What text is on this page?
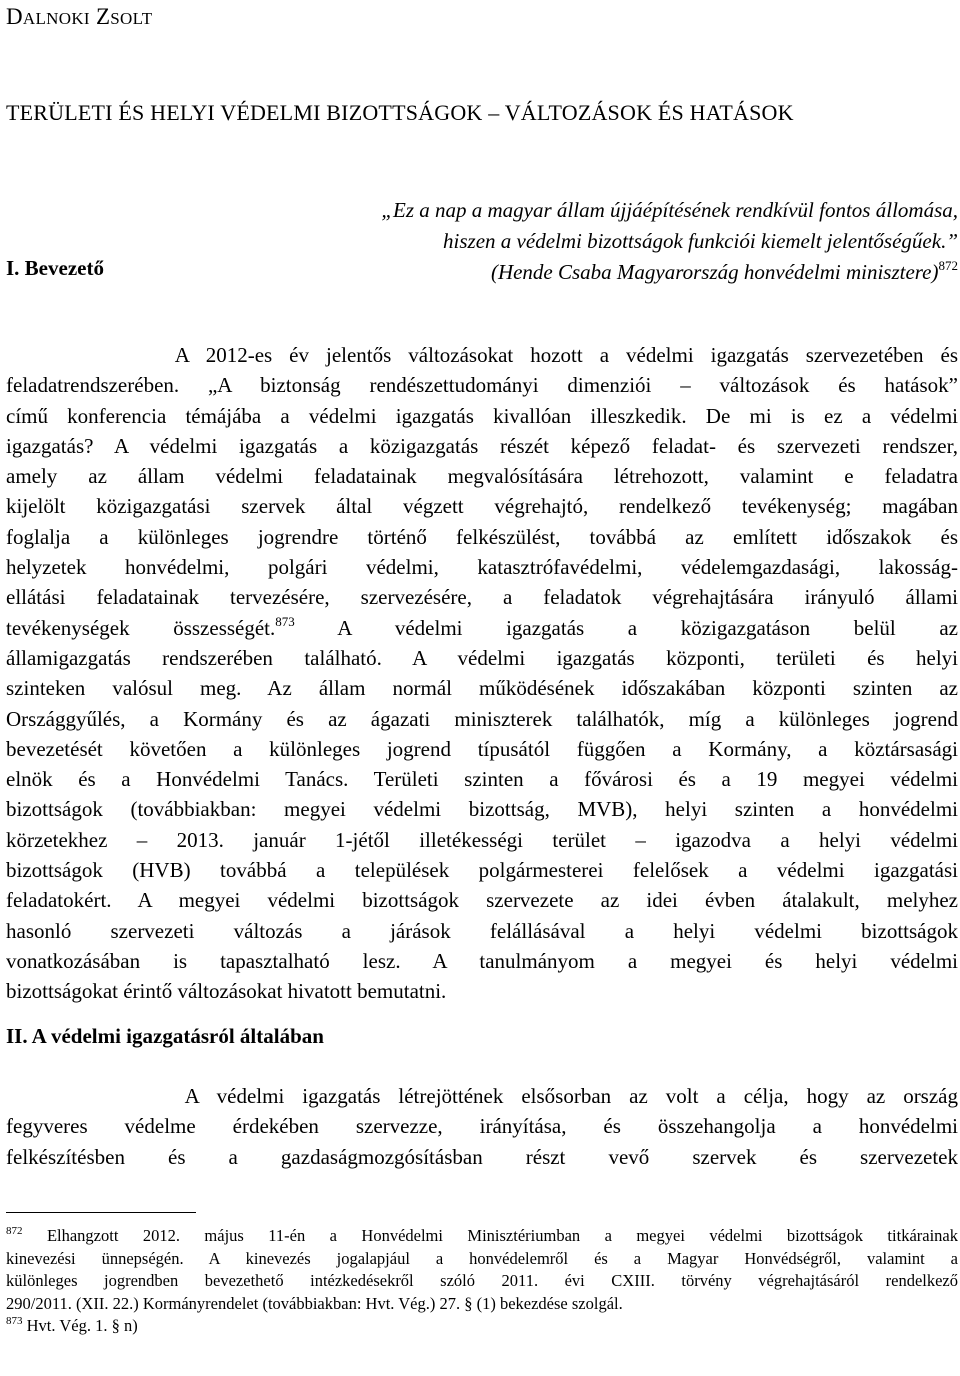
DALNOKI ZSOLT
TERÜLETI ÉS HELYI VÉDELMI BIZOTTSÁGOK – VÁLTOZÁSOK ÉS HATÁSOK
„Ez a nap a magyar állam újjáépítésének rendkívül fontos állomása,
hiszen a védelmi bizottságok funkciói kiemelt jelentőségűek.”
(Hende Csaba Magyarország honvédelmi minisztere)$^{872}$
I. Bevezető
A 2012-es év jelentős változásokat hozott a védelmi igazgatás szervezetében és
feladatrendszerében. „A biztonság rendészettudományi dimenziói – változások és hatások”
című konferencia témájába a védelmi igazgatás kivallóan illeszkedik. De mi is ez a védelmi
igazgatás? A védelmi igazgatás a közigazgatás részét képező feladat- és szervezeti rendszer,
amely az állam védelmi feladatainak megvalósítására létrehozott, valamint e feladatra
kijelölt közigazgatási szervek által végzett végrehajtó, rendelkező tevékenység; magában
foglalja a különleges jogrendre történő felkészülést, továbbá az említett időszakok és
helyzetek honvédelmi, polgári védelmi, katasztrófavédelmi, védelemgazdasági, lakosság-
ellátási feladatainak tervezésére, szervezésére, a feladatok végrehajtására irányuló állami
tevékenységek összességét.$^{873}$ A védelmi igazgatás a közigazgatáson belül az
államigazgatás rendszerében található. A védelmi igazgatás központi, területi és helyi
szinteken valósul meg. Az állam normál működésének időszakában központi szinten az
Országgyűlés, a Kormány és az ágazati miniszterek találhatók, míg a különleges jogrend
bevezetését követően a különleges jogrend típusától függően a Kormány, a köztársasági
elnök és a Honvédelmi Tanács. Területi szinten a fővárosi és a 19 megyei védelmi
bizottságok (továbbiakban: megyei védelmi bizottság, MVB), helyi szinten a honvédelmi
körzetekhez – 2013. január 1-jétől illetékességi terület – igazodva a helyi védelmi
bizottságok (HVB) továbbá a települések polgármesterei felelősek a védelmi igazgatási
feladatokért. A megyei védelmi bizottságok szervezete az idei évben átalakult, melyhez
hasonló szervezeti változás a járások felállásával a helyi védelmi bizottságok
vonatkozásában is tapasztalható lesz. A tanulmányom a megyei és helyi védelmi
bizottságokat érintő változásokat hivatott bemutatni.
II. A védelmi igazgatásról általában
A védelmi igazgatás létrejöttének elsősorban az volt a célja, hogy az ország
fegyveres védelme érdekében szervezze, irányítása, és összehangolja a honvédelmi
felkészítésben és a gazdaságmozgósításban részt vevő szervek és szervezetek
$^{872}$ Elhangzott 2012. május 11-én a Honvédelmi Minisztériumban a megyei védelmi bizottságok titkárainak
kinevezési ünnepségén. A kinevezés jogalapjául a honvédelemről és a Magyar Honvédségről, valamint a
különleges jogrendben bevezethető intézkedésekről szóló 2011. évi CXIII. törvény végrehajtásáról rendelkező
290/2011. (XII. 22.) Kormányrendelet (továbbiakban: Hvt. Vég.) 27. § (1) bekezdése szolgál.
$^{873}$ Hvt. Vég. 1. § n)
